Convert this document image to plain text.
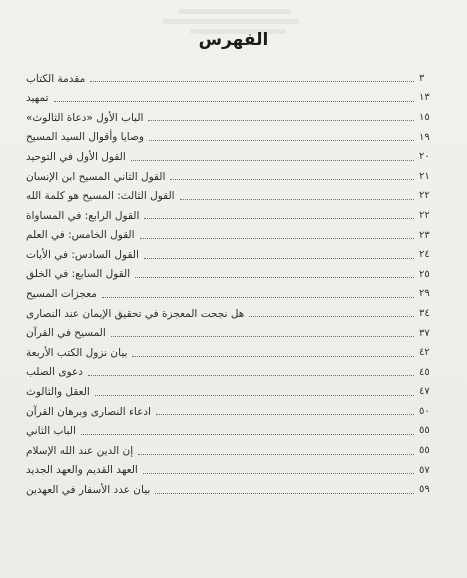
الفهرس
مقدمة الكتاب	٣
تمهيد	١٣
الباب الأول «دعاة الثالوث»	١٥
وصايا وأقوال السيد المسيح	١٩
القول الأول في التوحيد	٢٠
القول الثاني المسيح ابن الإنسان	٢١
القول الثالث: المسيح هو كلمة الله	٢٢
القول الرابع: في المساواة	٢٢
القول الخامس: في العلم	٢٣
القول السادس: في الأيات	٢٤
القول السابع: في الخلق	٢٥
معجزات المسيح	٢٩
هل نجحت المعجزة في تحقيق الإيمان عند النصارى	٣٤
المسيح في القرآن	٣٧
بيان نزول الكتب الأربعة	٤٢
دعوى الصلب	٤٥
العقل والثالوث	٤٧
ادعاء النصارى وبرهان القرآن	٥٠
الباب الثاني	٥٥
إن الدين عند الله الإسلام	٥٥
العهد القديم والعهد الجديد	٥٧
بيان عدد الأسفار في العهدين	٥٩
